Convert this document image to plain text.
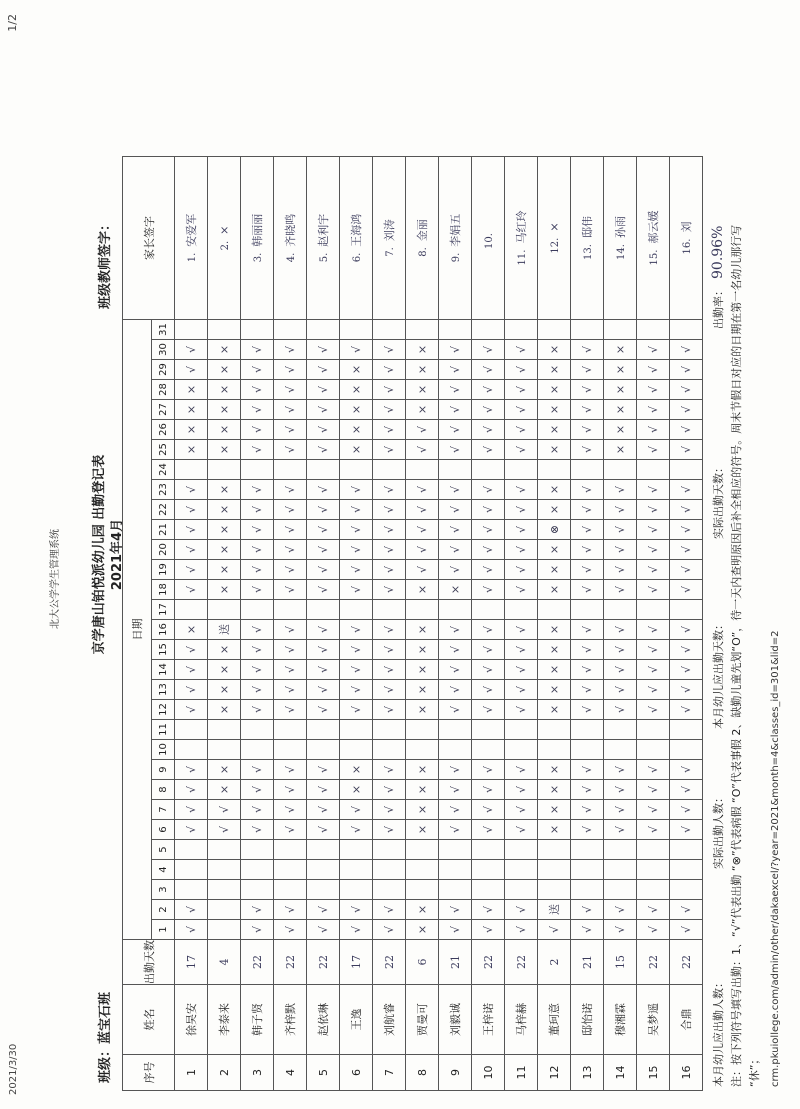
2021/3/30
1/2
北大公学学生管理系统
班级：蓝宝石班
京学唐山铂悦派幼儿园 出勤登记表 2021年4月
班级教师签字：
序号	姓名	出勤天数	日期																															家长签字
			1	2	3	4	5	6	7	8	9	10	11	12	13	14	15	16	17	18	19	20	21	22	23	24	25	26	27	28	29	30	31	
1	徐昊安	17	√	√				√	√	√	√			√	√	√	√	×		√	√	√	√	√	√		×	×	×	×	√	√		1.安爱军
2	李泰来	4						√	√	×	×			×	×	×	×	送		×	×	×	×	×	×		×	×	×	×	×	×		2.×
3	韩子贤	22	√	√				√	√	√	√			√	√	√	√	√		√	√	√	√	√	√		√	√	√	√	√	√		3.韩丽丽
4	齐梓默	22	√	√				√	√	√	√			√	√	√	√	√		√	√	√	√	√	√		√	√	√	√	√	√		4.齐晓鸣
5	赵依琳	22	√	√				√	√	√	√			√	√	√	√	√		√	√	√	√	√	√		√	√	√	√	√	√		5.赵利宇
6	王逸	17	√	√				√	√	×	×			√	√	√	√	√		√	√	√	√	√	√		×	×	×	×	×	√		6.王海鸿
7	刘航睿	22	√	√				√	√	√	√			√	√	√	√	√		√	√	√	√	√	√		√	√	√	√	√	√		7.刘涛
8	贾曼可	6	×	×				×	×	×	×			×	×	×	×	×		×	√	√	√	√	√		√	√	×	×	×	×		8.金丽
9	刘毅诚	21	√	√				√	√	√	√			√	√	√	√	√		×	√	√	√	√	√		√	√	√	√	√	√		9.李娟五
10	王梓诺	22	√	√				√	√	√	√			√	√	√	√	√		√	√	√	√	√	√		√	√	√	√	√	√		10.
11	马梓赫	22	√	√				√	√	√	√			√	√	√	√	√		√	√	√	√	√	√		√	√	√	√	√	√		11.马红玲
12	董珂意	2	√	送				×	×	×	×			×	×	×	×	×		×	×	×	⊗	×	×		×	×	×	×	×	×		12.×
13	邸怡诺	21	√	√				√	√	√	√			√	√	√	√	√		√	√	√	√	√	√		√	√	√	√	√	√		13.邸伟
14	穆湘霖	15	√	√				√	√	√	√			√	√	√	√	√		√	√	√	√	√	√		×	×	×	×	×	×		14.孙雨
15	吴梦遥	22	√	√				√	√	√	√			√	√	√	√	√		√	√	√	√	√	√		√	√	√	√	√	√		15.郝云媛
16	合鼎	22	√	√				√	√	√	√			√	√	√	√	√		√	√	√	√	√	√		√	√	√	√	√	√		16.刘
本月幼儿应出勤人数：
实际出勤人数：
本月幼儿应出勤天数：
实际出勤天数：
出勤率：90.96% 注：按下列符号填写出勤：1、“√”代表出勤 “⊗”代表病假 “O”代表事假 2、缺勤儿童先划“O”，待一天内查明原因后补全相应的符号。周末节假日对应的日期在第一名幼儿那行写 “休”； crm.pkuiollege.com/admin/other/dakaexcel/?year=2021&month=4&classes_id=301&lid=2
